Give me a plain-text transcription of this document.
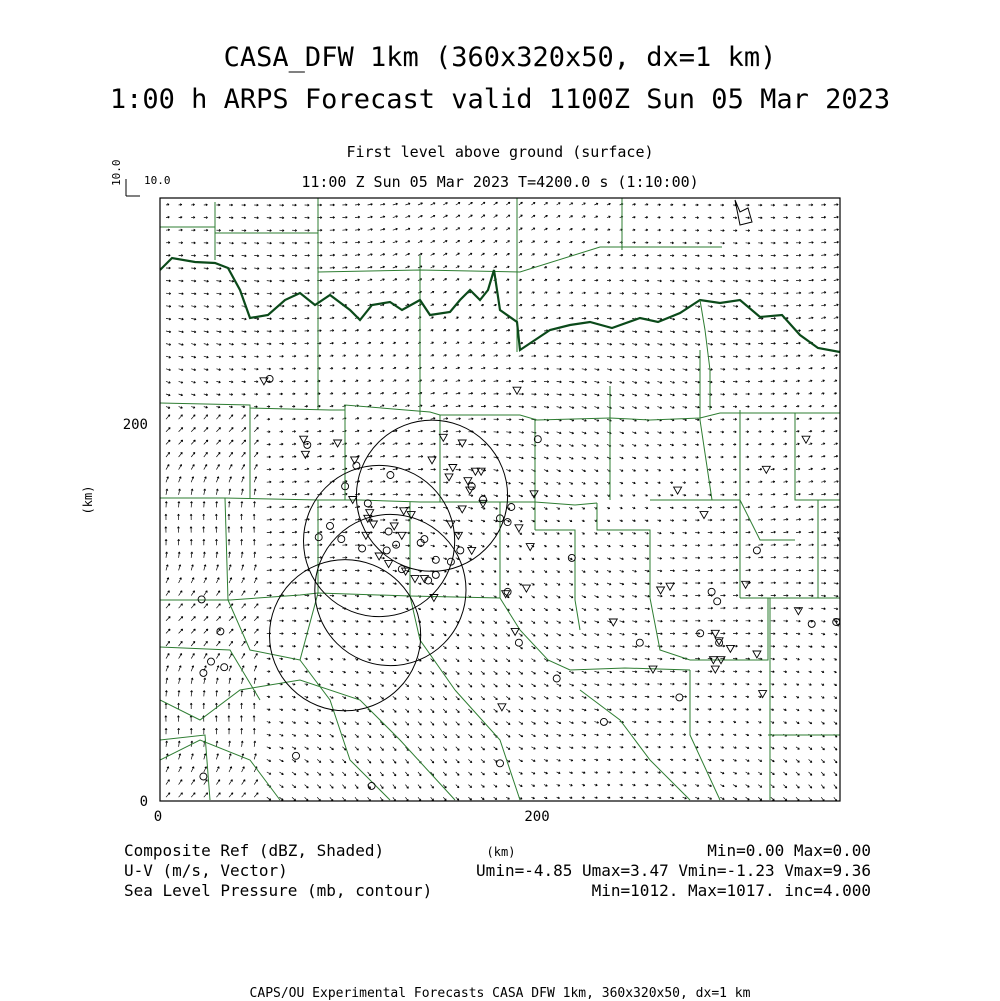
CASA_DFW 1km (360x320x50, dx=1 km)
1:00 h ARPS Forecast valid 1100Z Sun 05 Mar 2023
First level above ground (surface)
11:00 Z Sun 05 Mar 2023 T=4200.0 s (1:10:00)
10.0 10.0
0	200
0
200
(km)
(km)
Composite Ref (dBZ, Shaded)	Min=0.00 Max=0.00
U-V (m/s, Vector)	Umin=-4.85 Umax=3.47 Vmin=-1.23 Vmax=9.36
Sea Level Pressure (mb, contour)	Min=1012. Max=1017. inc=4.000
CAPS/OU Experimental Forecasts CASA DFW 1km, 360x320x50, dx=1 km
